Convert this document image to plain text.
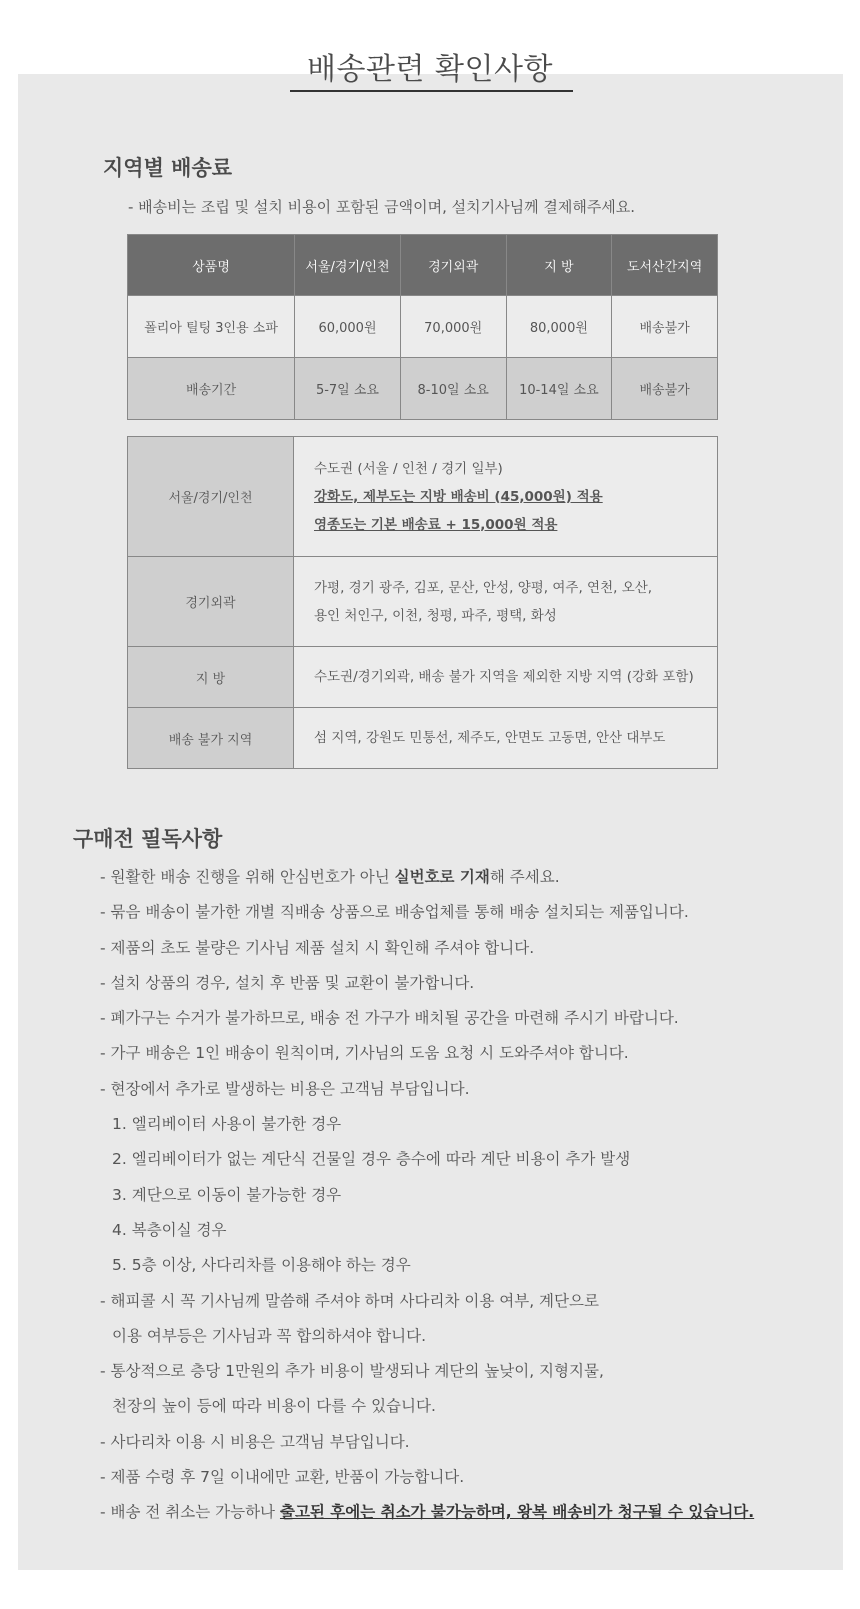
배송관련 확인사항
지역별 배송료
- 배송비는 조립 및 설치 비용이 포함된 금액이며, 설치기사님께 결제해주세요.
상품명	서울/경기/인천	경기외곽	지 방	도서산간지역
폴리아 틸팅 3인용 소파	60,000원	70,000원	80,000원	배송불가
배송기간	5-7일 소요	8-10일 소요	10-14일 소요	배송불가
서울/경기/인천	수도권 (서울 / 인천 / 경기 일부)
강화도, 제부도는 지방 배송비 (45,000원) 적용
영종도는 기본 배송료 + 15,000원 적용

경기외곽	가평, 경기 광주, 김포, 문산, 안성, 양평, 여주, 연천, 오산,
용인 처인구, 이천, 청평, 파주, 평택, 화성

지 방	수도권/경기외곽, 배송 불가 지역을 제외한 지방 지역 (강화 포함)

배송 불가 지역	섬 지역, 강원도 민통선, 제주도, 안면도 고동면, 안산 대부도
구매전 필독사항
- 원활한 배송 진행을 위해 안심번호가 아닌 실번호로 기재해 주세요.
- 묶음 배송이 불가한 개별 직배송 상품으로 배송업체를 통해 배송 설치되는 제품입니다.
- 제품의 초도 불량은 기사님 제품 설치 시 확인해 주셔야 합니다.
- 설치 상품의 경우, 설치 후 반품 및 교환이 불가합니다.
- 폐가구는 수거가 불가하므로, 배송 전 가구가 배치될 공간을 마련해 주시기 바랍니다.
- 가구 배송은 1인 배송이 원칙이며, 기사님의 도움 요청 시 도와주셔야 합니다.
- 현장에서 추가로 발생하는 비용은 고객님 부담입니다.
1. 엘리베이터 사용이 불가한 경우
2. 엘리베이터가 없는 계단식 건물일 경우 층수에 따라 계단 비용이 추가 발생
3. 계단으로 이동이 불가능한 경우
4. 복층이실 경우
5. 5층 이상, 사다리차를 이용해야 하는 경우
- 해피콜 시 꼭 기사님께 말씀해 주셔야 하며 사다리차 이용 여부, 계단으로
이용 여부등은 기사님과 꼭 합의하셔야 합니다.
- 통상적으로 층당 1만원의 추가 비용이 발생되나 계단의 높낮이, 지형지물,
천장의 높이 등에 따라 비용이 다를 수 있습니다.
- 사다리차 이용 시 비용은 고객님 부담입니다.
- 제품 수령 후 7일 이내에만 교환, 반품이 가능합니다.
- 배송 전 취소는 가능하나 출고된 후에는 취소가 불가능하며, 왕복 배송비가 청구될 수 있습니다.
